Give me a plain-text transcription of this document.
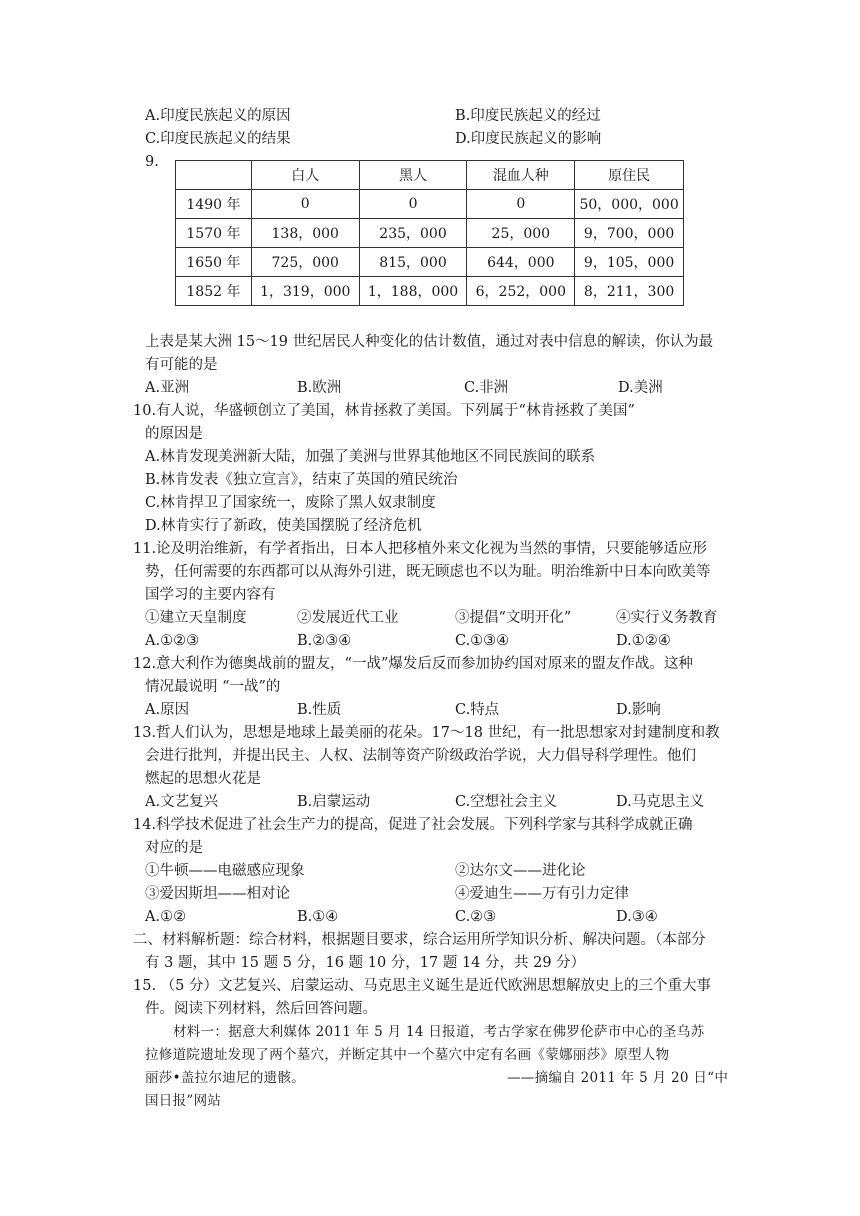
A.印度民族起义的原因	B.印度民族起义的经过
C.印度民族起义的结果	D.印度民族起义的影响
9.
	白人	黑人	混血人种	原住民
1490 年	0	0	0	50，000，000
1570 年	138，000	235，000	25，000	9，700，000
1650 年	725，000	815，000	644，000	9，105，000
1852 年	1，319，000	1，188，000	6，252，000	8，211，300
上表是某大洲 15～19 世纪居民人种变化的估计数值，通过对表中信息的解读，你认为最
有可能的是
A.亚洲	B.欧洲	C.非洲	D.美洲
10.有人说，华盛顿创立了美国，林肯拯救了美国。下列属于“林肯拯救了美国”
的原因是
A.林肯发现美洲新大陆，加强了美洲与世界其他地区不同民族间的联系
B.林肯发表《独立宣言》，结束了英国的殖民统治
C.林肯捍卫了国家统一，废除了黑人奴隶制度
D.林肯实行了新政，使美国摆脱了经济危机
11.论及明治维新，有学者指出，日本人把移植外来文化视为当然的事情，只要能够适应形
势，任何需要的东西都可以从海外引进，既无顾虑也不以为耻。明治维新中日本向欧美等
国学习的主要内容有
①建立天皇制度	②发展近代工业	③提倡“文明开化”	④实行义务教育
A.①②③	B.②③④	C.①③④	D.①②④
12.意大利作为德奥战前的盟友，“一战”爆发后反而参加协约国对原来的盟友作战。这种
情况最说明 “一战”的
A.原因	B.性质	C.特点	D.影响
13.哲人们认为，思想是地球上最美丽的花朵。17～18 世纪，有一批思想家对封建制度和教
会进行批判，并提出民主、人权、法制等资产阶级政治学说，大力倡导科学理性。他们
燃起的思想火花是
A.文艺复兴	B.启蒙运动	C.空想社会主义	D.马克思主义
14.科学技术促进了社会生产力的提高，促进了社会发展。下列科学家与其科学成就正确
对应的是
①牛顿——电磁感应现象	②达尔文——进化论
③爱因斯坦——相对论	④爱迪生——万有引力定律
A.①②	B.①④	C.②③	D.③④
二、材料解析题：综合材料，根据题目要求，综合运用所学知识分析、解决问题。（本部分
有 3 题，其中 15 题 5 分，16 题 10 分，17 题 14 分，共 29 分）
15. （5 分）文艺复兴、启蒙运动、马克思主义诞生是近代欧洲思想解放史上的三个重大事
件。阅读下列材料，然后回答问题。
材料一：据意大利媒体 2011 年 5 月 14 日报道，考古学家在佛罗伦萨市中心的圣乌苏
拉修道院遗址发现了两个墓穴，并断定其中一个墓穴中定有名画《蒙娜丽莎》原型人物
丽莎•盖拉尔迪尼的遗骸。	——摘编自 2011 年 5 月 20 日“中
国日报”网站
